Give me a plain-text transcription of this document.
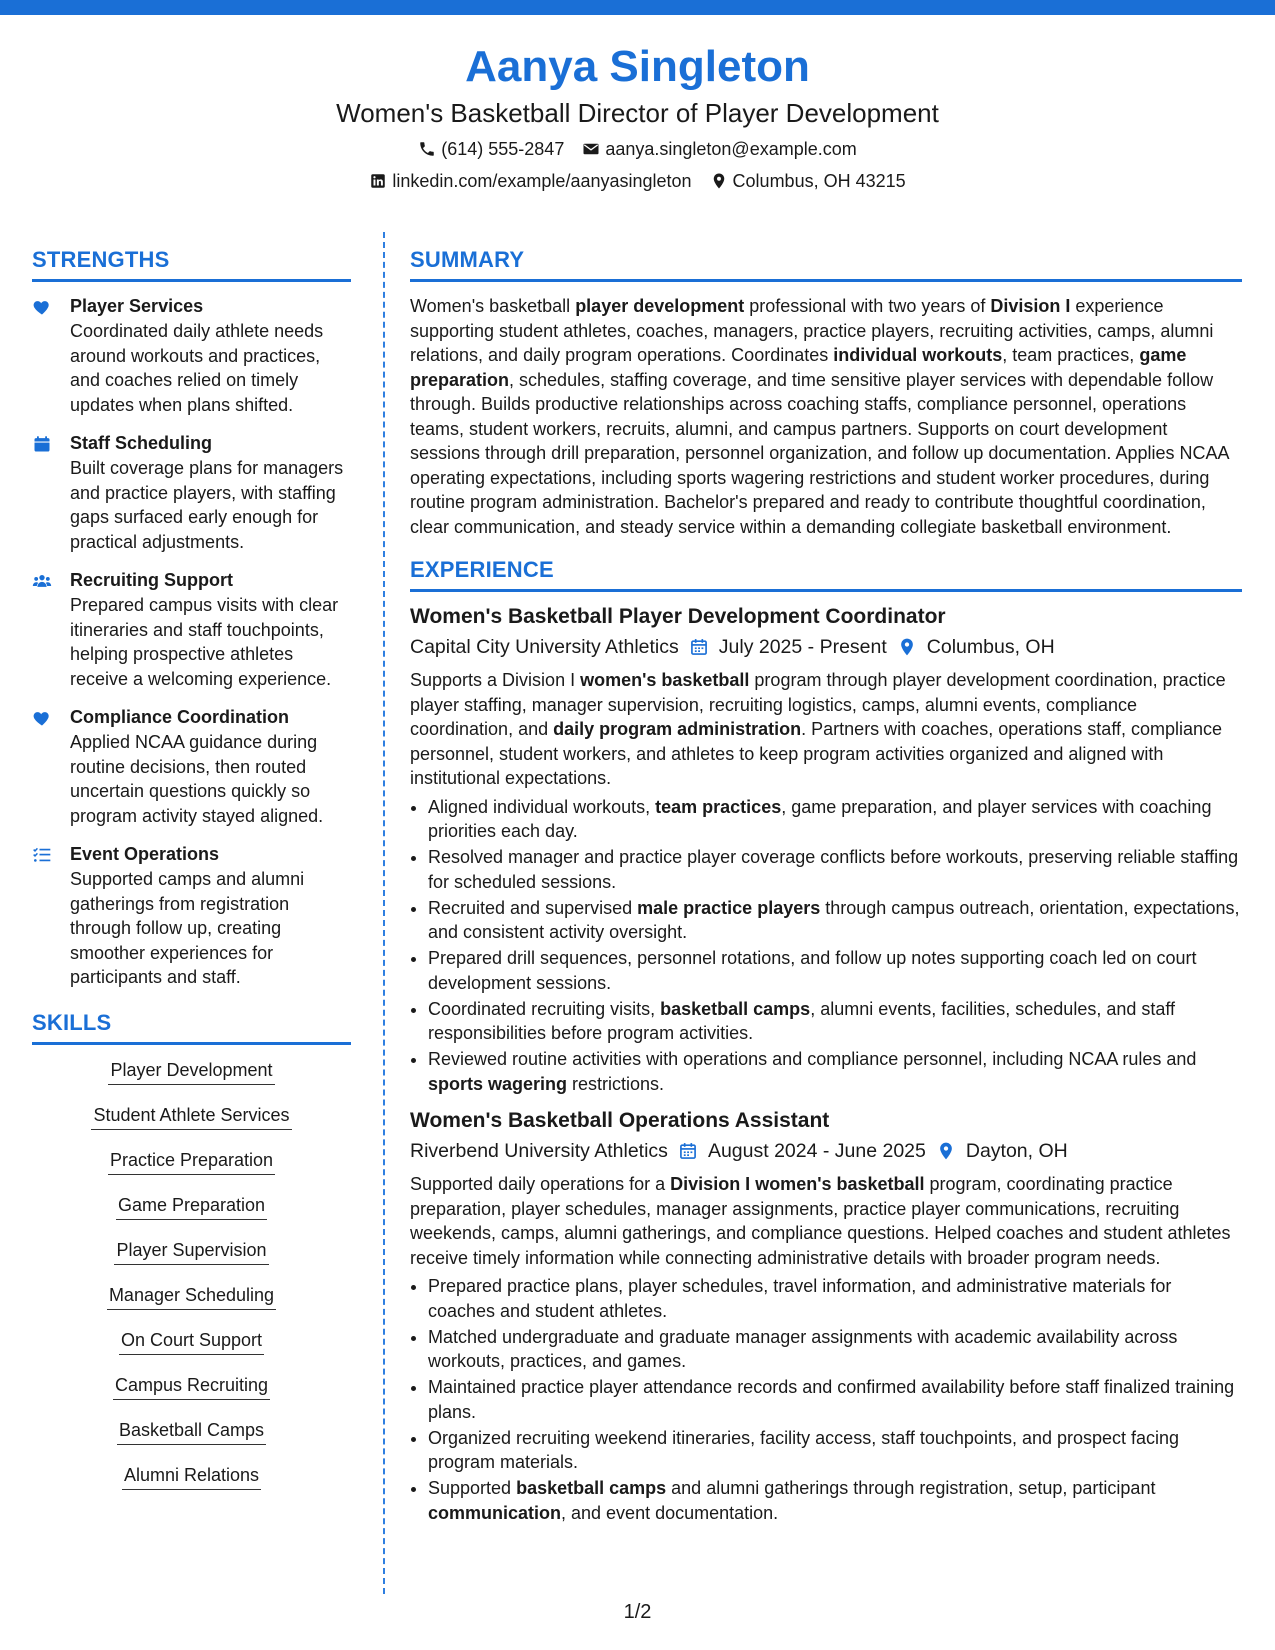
Aanya Singleton
Women's Basketball Director of Player Development
(614) 555-2847 aanya.singleton@example.com
linkedin.com/example/aanyasingleton Columbus, OH 43215
STRENGTHS
Player Services
Coordinated daily athlete needs around workouts and practices, and coaches relied on timely updates when plans shifted.
Staff Scheduling
Built coverage plans for managers and practice players, with staffing gaps surfaced early enough for practical adjustments.
Recruiting Support
Prepared campus visits with clear itineraries and staff touchpoints, helping prospective athletes receive a welcoming experience.
Compliance Coordination
Applied NCAA guidance during routine decisions, then routed uncertain questions quickly so program activity stayed aligned.
Event Operations
Supported camps and alumni gatherings from registration through follow up, creating smoother experiences for participants and staff.
SKILLS
Player Development
Student Athlete Services
Practice Preparation
Game Preparation
Player Supervision
Manager Scheduling
On Court Support
Campus Recruiting
Basketball Camps
Alumni Relations
SUMMARY
Women's basketball player development professional with two years of Division I experience supporting student athletes, coaches, managers, practice players, recruiting activities, camps, alumni relations, and daily program operations. Coordinates individual workouts, team practices, game preparation, schedules, staffing coverage, and time sensitive player services with dependable follow through. Builds productive relationships across coaching staffs, compliance personnel, operations teams, student workers, recruits, alumni, and campus partners. Supports on court development sessions through drill preparation, personnel organization, and follow up documentation. Applies NCAA operating expectations, including sports wagering restrictions and student worker procedures, during routine program administration. Bachelor's prepared and ready to contribute thoughtful coordination, clear communication, and steady service within a demanding collegiate basketball environment.
EXPERIENCE
Women's Basketball Player Development Coordinator
Capital City University Athletics July 2025 - Present Columbus, OH
Supports a Division I women's basketball program through player development coordination, practice player staffing, manager supervision, recruiting logistics, camps, alumni events, compliance coordination, and daily program administration. Partners with coaches, operations staff, compliance personnel, student workers, and athletes to keep program activities organized and aligned with institutional expectations.
• Aligned individual workouts, team practices, game preparation, and player services with coaching priorities each day.
• Resolved manager and practice player coverage conflicts before workouts, preserving reliable staffing for scheduled sessions.
• Recruited and supervised male practice players through campus outreach, orientation, expectations, and consistent activity oversight.
• Prepared drill sequences, personnel rotations, and follow up notes supporting coach led on court development sessions.
• Coordinated recruiting visits, basketball camps, alumni events, facilities, schedules, and staff responsibilities before program activities.
• Reviewed routine activities with operations and compliance personnel, including NCAA rules and sports wagering restrictions.
Women's Basketball Operations Assistant
Riverbend University Athletics August 2024 - June 2025 Dayton, OH
Supported daily operations for a Division I women's basketball program, coordinating practice preparation, player schedules, manager assignments, practice player communications, recruiting weekends, camps, alumni gatherings, and compliance questions. Helped coaches and student athletes receive timely information while connecting administrative details with broader program needs.
• Prepared practice plans, player schedules, travel information, and administrative materials for coaches and student athletes.
• Matched undergraduate and graduate manager assignments with academic availability across workouts, practices, and games.
• Maintained practice player attendance records and confirmed availability before staff finalized training plans.
• Organized recruiting weekend itineraries, facility access, staff touchpoints, and prospect facing program materials.
• Supported basketball camps and alumni gatherings through registration, setup, participant communication, and event documentation.
1/2
